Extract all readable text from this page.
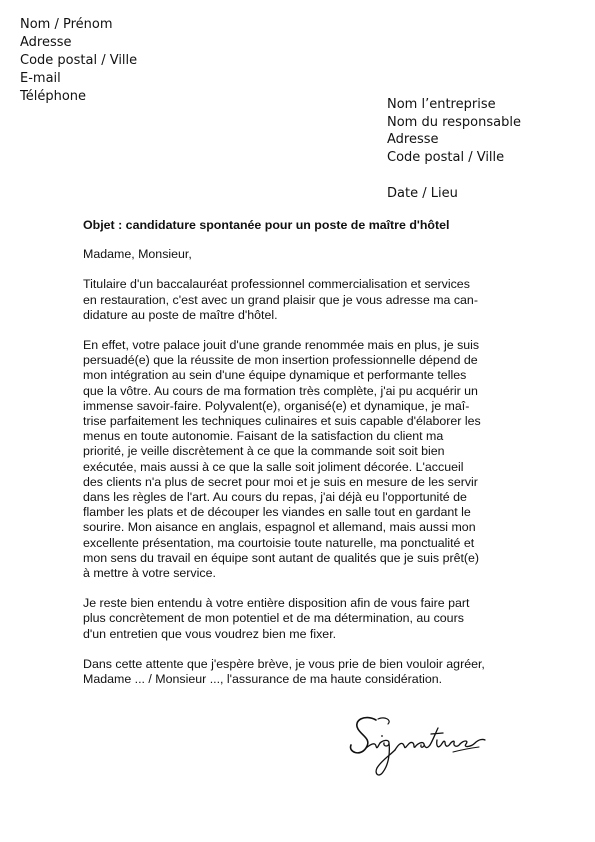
Nom / Prénom
Adresse
Code postal / Ville
E-mail
Téléphone
Nom l’entreprise
Nom du responsable
Adresse
Code postal / Ville
Date / Lieu
Objet : candidature spontanée pour un poste de maître d'hôtel
Madame, Monsieur,
Titulaire d'un baccalauréat professionnel commercialisation et services
en restauration, c'est avec un grand plaisir que je vous adresse ma can-
didature au poste de maître d'hôtel.
En effet, votre palace jouit d'une grande renommée mais en plus, je suis
persuadé(e) que la réussite de mon insertion professionnelle dépend de
mon intégration au sein d'une équipe dynamique et performante telles
que la vôtre. Au cours de ma formation très complète, j'ai pu acquérir un
immense savoir-faire. Polyvalent(e), organisé(e) et dynamique, je maî-
trise parfaitement les techniques culinaires et suis capable d'élaborer les
menus en toute autonomie. Faisant de la satisfaction du client ma
priorité, je veille discrètement à ce que la commande soit soit bien
exécutée, mais aussi à ce que la salle soit joliment décorée. L'accueil
des clients n'a plus de secret pour moi et je suis en mesure de les servir
dans les règles de l'art. Au cours du repas, j'ai déjà eu l'opportunité de
flamber les plats et de découper les viandes en salle tout en gardant le
sourire. Mon aisance en anglais, espagnol et allemand, mais aussi mon
excellente présentation, ma courtoisie toute naturelle, ma ponctualité et
mon sens du travail en équipe sont autant de qualités que je suis prêt(e)
à mettre à votre service.
Je reste bien entendu à votre entière disposition afin de vous faire part
plus concrètement de mon potentiel et de ma détermination, au cours
d'un entretien que vous voudrez bien me fixer.
Dans cette attente que j'espère brève, je vous prie de bien vouloir agréer,
Madame ... / Monsieur ..., l'assurance de ma haute considération.
